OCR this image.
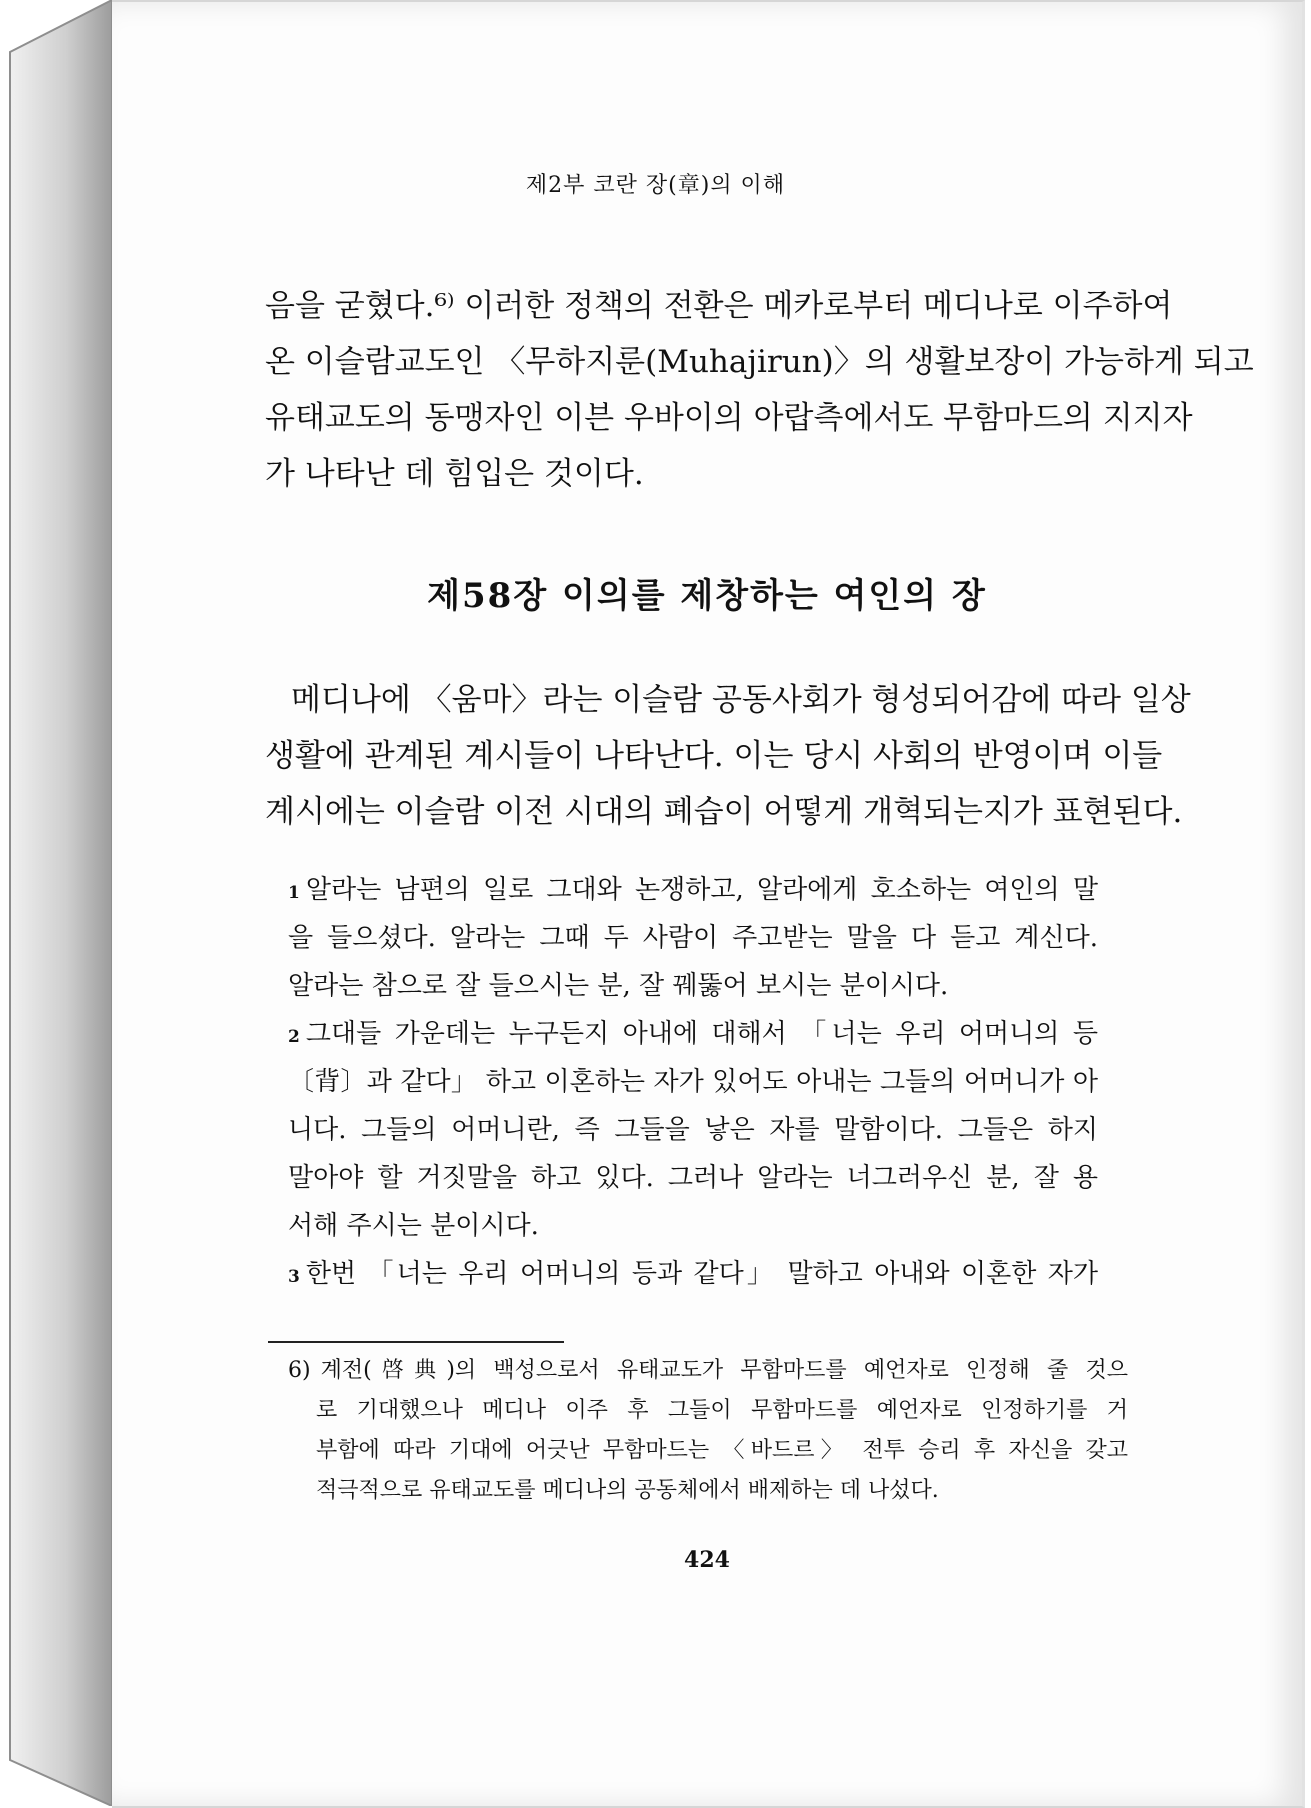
제2부 코란 장(章)의 이해
음을 굳혔다.⁶⁾ 이러한 정책의 전환은 메카로부터 메디나로 이주하여
온 이슬람교도인 〈무하지룬(Muhajirun)〉의 생활보장이 가능하게 되고
유태교도의 동맹자인 이븐 우바이의 아랍측에서도 무함마드의 지지자
가 나타난 데 힘입은 것이다.
제58장 이의를 제창하는 여인의 장
메디나에 〈움마〉라는 이슬람 공동사회가 형성되어감에 따라 일상
생활에 관계된 계시들이 나타난다. 이는 당시 사회의 반영이며 이들
계시에는 이슬람 이전 시대의 폐습이 어떻게 개혁되는지가 표현된다.
1 알라는 남편의 일로 그대와 논쟁하고, 알라에게 호소하는 여인의 말
을 들으셨다. 알라는 그때 두 사람이 주고받는 말을 다 듣고 계신다.
알라는 참으로 잘 들으시는 분, 잘 꿰뚫어 보시는 분이시다.
2 그대들 가운데는 누구든지 아내에 대해서 「너는 우리 어머니의 등
〔背〕과 같다」 하고 이혼하는 자가 있어도 아내는 그들의 어머니가 아
니다. 그들의 어머니란, 즉 그들을 낳은 자를 말함이다. 그들은 하지
말아야 할 거짓말을 하고 있다. 그러나 알라는 너그러우신 분, 잘 용
서해 주시는 분이시다.
3 한번 「너는 우리 어머니의 등과 같다」 말하고 아내와 이혼한 자가
6) 계전(啓典)의 백성으로서 유태교도가 무함마드를 예언자로 인정해 줄 것으
로 기대했으나 메디나 이주 후 그들이 무함마드를 예언자로 인정하기를 거
부함에 따라 기대에 어긋난 무함마드는 〈바드르〉 전투 승리 후 자신을 갖고
적극적으로 유태교도를 메디나의 공동체에서 배제하는 데 나섰다.
424
